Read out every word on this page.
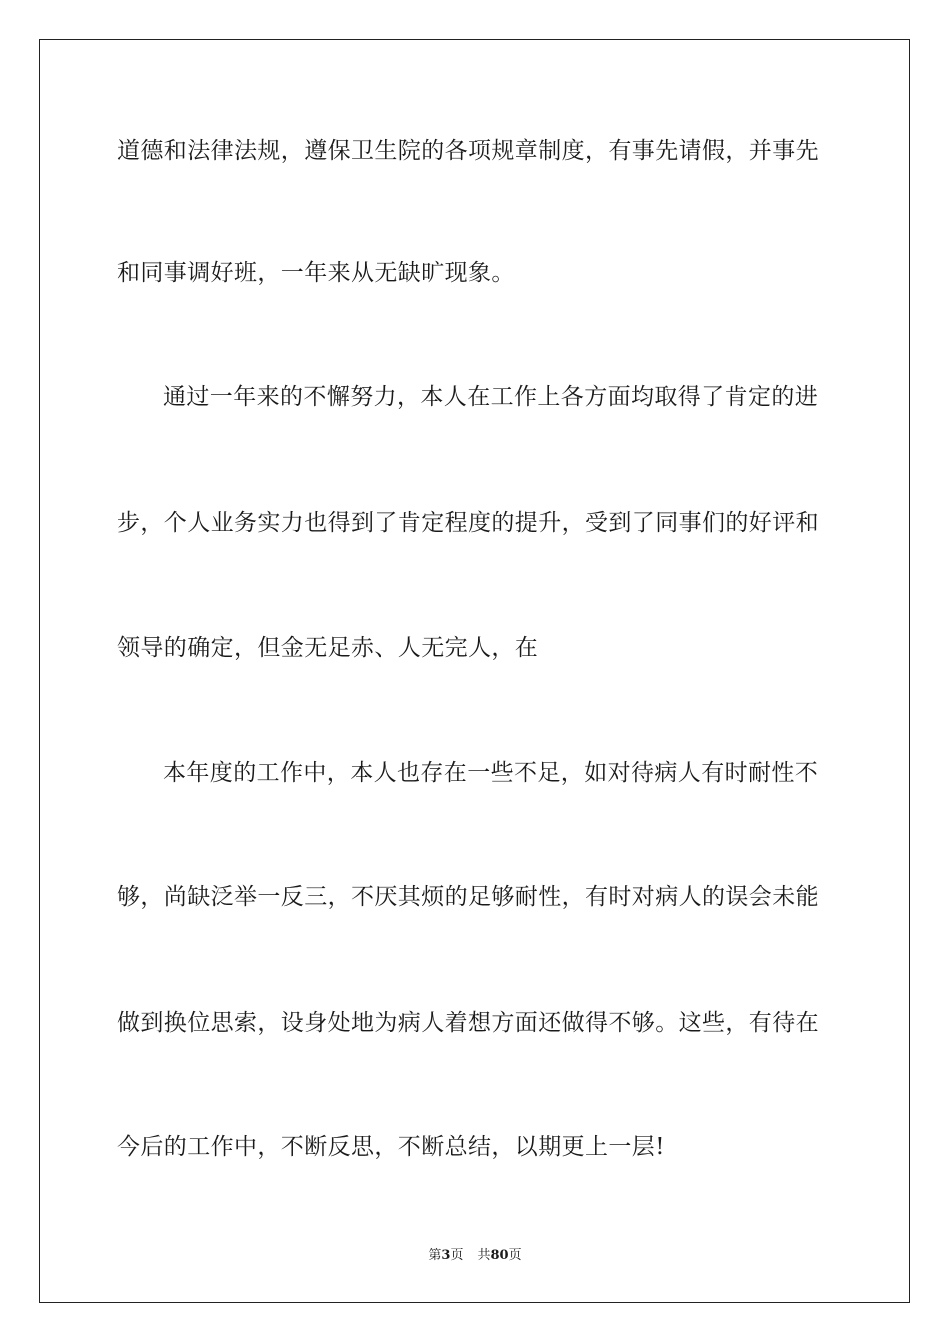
道德和法律法规，遵保卫生院的各项规章制度，有事先请假，并事先
和同事调好班，一年来从无缺旷现象。
通过一年来的不懈努力，本人在工作上各方面均取得了肯定的进
步，个人业务实力也得到了肯定程度的提升，受到了同事们的好评和
领导的确定，但金无足赤、人无完人，在
本年度的工作中，本人也存在一些不足，如对待病人有时耐性不
够，尚缺泛举一反三，不厌其烦的足够耐性，有时对病人的误会未能
做到换位思索，设身处地为病人着想方面还做得不够。这些，有待在
今后的工作中，不断反思，不断总结，以期更上一层!
第3页 共80页
